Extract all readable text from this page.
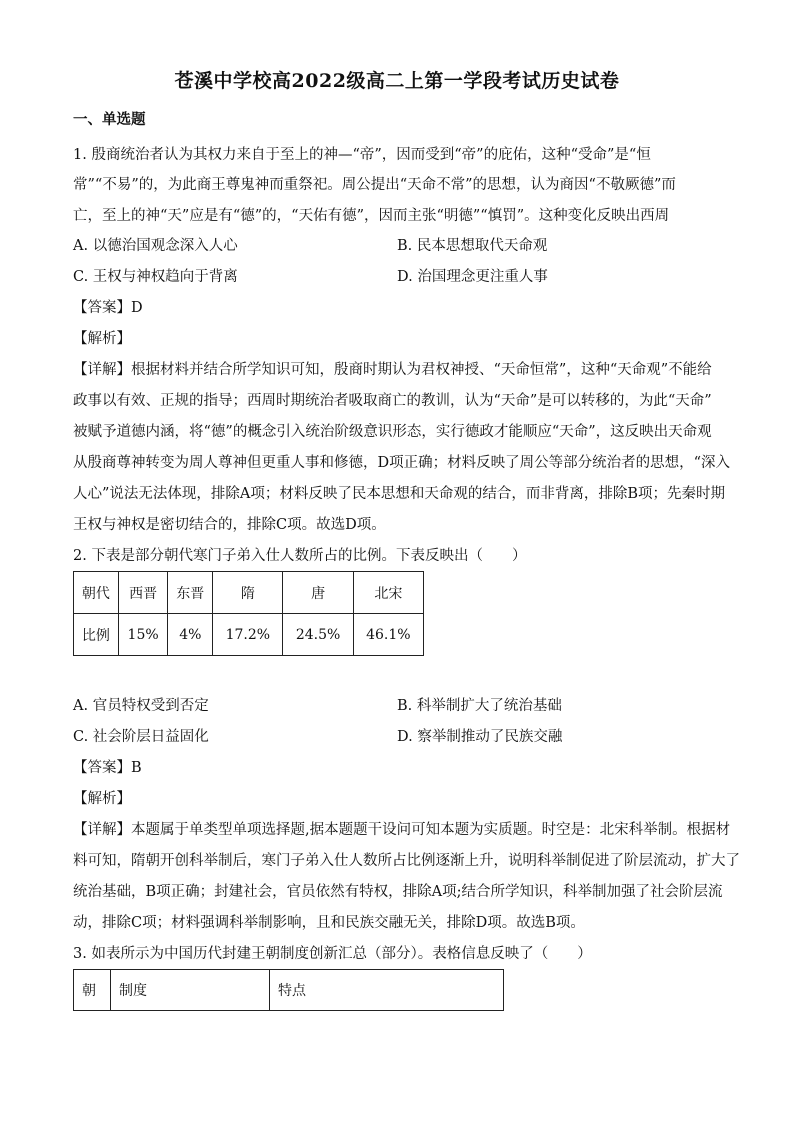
苍溪中学校高2022级高二上第一学段考试历史试卷
一、单选题
1. 殷商统治者认为其权力来自于至上的神—“帝”，因而受到“帝”的庇佑，这种“受命”是“恒
常”“不易”的，为此商王尊鬼神而重祭祀。周公提出“天命不常”的思想，认为商因“不敬厥德”而
亡，至上的神“天”应是有“德”的，“天佑有德”，因而主张“明德”“慎罚”。这种变化反映出西周
A. 以德治国观念深入人心	B. 民本思想取代天命观
C. 王权与神权趋向于背离	D. 治国理念更注重人事
【答案】D
【解析】
【详解】根据材料并结合所学知识可知，殷商时期认为君权神授、“天命恒常”，这种“天命观”不能给
政事以有效、正规的指导；西周时期统治者吸取商亡的教训，认为“天命”是可以转移的，为此“天命”
被赋予道德内涵，将“德”的概念引入统治阶级意识形态，实行德政才能顺应“天命”，这反映出天命观
从殷商尊神转变为周人尊神但更重人事和修德，D项正确；材料反映了周公等部分统治者的思想，“深入
人心”说法无法体现，排除A项；材料反映了民本思想和天命观的结合，而非背离，排除B项；先秦时期
王权与神权是密切结合的，排除C项。故选D项。
2. 下表是部分朝代寒门子弟入仕人数所占的比例。下表反映出（　　）
朝代	西晋	东晋	隋	唐	北宋
比例	15%	4%	17.2%	24.5%	46.1%
A. 官员特权受到否定	B. 科举制扩大了统治基础
C. 社会阶层日益固化	D. 察举制推动了民族交融
【答案】B
【解析】
【详解】本题属于单类型单项选择题,据本题题干设问可知本题为实质题。时空是：北宋科举制。根据材
料可知，隋朝开创科举制后，寒门子弟入仕人数所占比例逐渐上升，说明科举制促进了阶层流动，扩大了
统治基础，B项正确；封建社会，官员依然有特权，排除A项;结合所学知识，科举制加强了社会阶层流
动，排除C项；材料强调科举制影响，且和民族交融无关，排除D项。故选B项。
3. 如表所示为中国历代封建王朝制度创新汇总（部分）。表格信息反映了（　　）
朝	制度	特点
